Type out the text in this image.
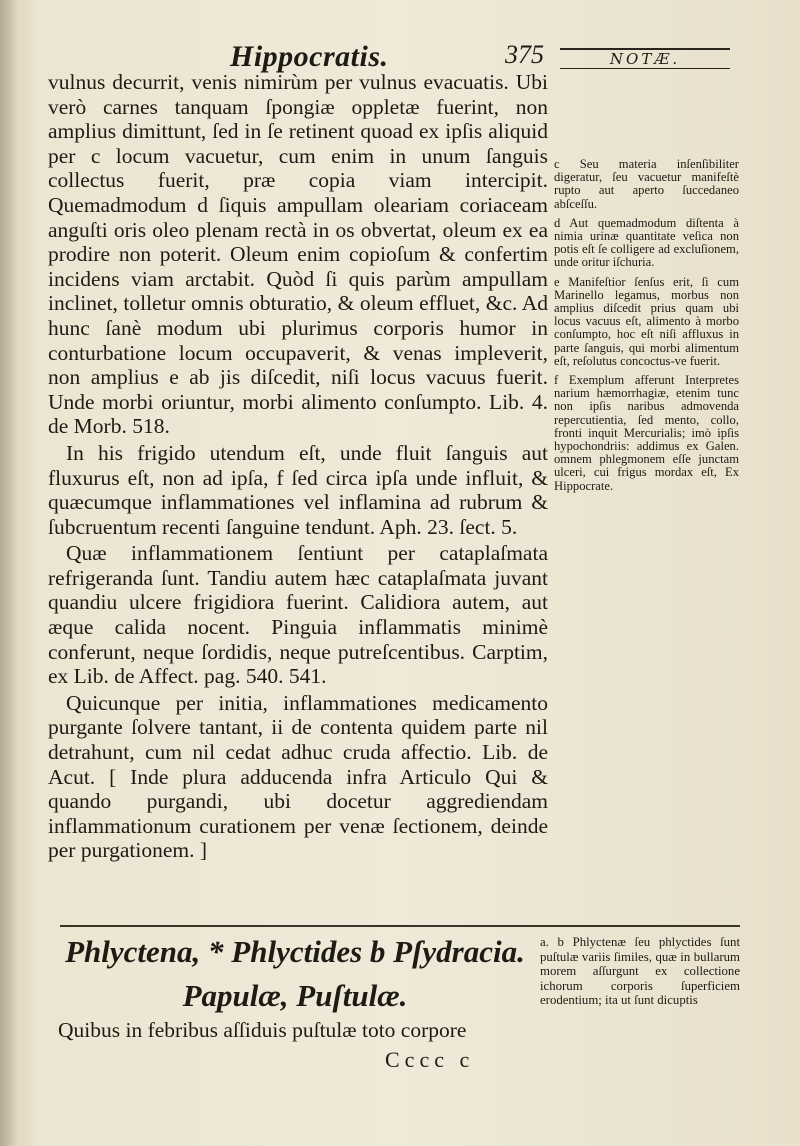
Hippocratis.	375	NOTÆ.

vulnus decurrit, venis nimirùm per vulnus evacuatis. Ubi verò carnes tanquam ſpongiæ oppletæ fuerint, non amplius dimittunt, ſed in ſe retinent quoad ex ipſis aliquid per c locum vacuetur, cum enim in unum ſanguis collectus fuerit, præ copia viam intercipit. Quemadmodum d ſiquis ampullam oleariam coriaceam anguſti oris oleo plenam rectà in os obvertat, oleum ex ea prodire non poterit. Oleum enim copioſum & confertim incidens viam arctabit. Quòd ſi quis parùm ampullam inclinet, tolletur omnis obturatio, & oleum effluet, &c. Ad hunc ſanè modum ubi plurimus corporis humor in conturbatione locum occupaverit, & venas impleverit, non amplius e ab jis diſcedit, niſi locus vacuus fuerit. Unde morbi oriuntur, morbi alimento conſumpto. Lib. 4. de Morb. 518.

In his frigido utendum eſt, unde fluit ſanguis aut fluxurus eſt, non ad ipſa, f ſed circa ipſa unde influit, & quæcumque inflammationes vel inflamina ad rubrum & ſubcruentum recenti ſanguine tendunt. Aph. 23. ſect. 5.

Quæ inflammationem ſentiunt per cataplaſmata refrigeranda ſunt. Tandiu autem hæc cataplaſmata juvant quandiu ulcere frigidiora fuerint. Calidiora autem, aut æque calida nocent. Pinguia inflammatis minimè conferunt, neque ſordidis, neque putreſcentibus. Carptim, ex Lib. de Affect. pag. 540. 541.

Quicunque per initia, inflammationes medicamento purgante ſolvere tantant, ii de contenta quidem parte nil detrahunt, cum nil cedat adhuc cruda affectio. Lib. de Acut. [ Inde plura adducenda infra Articulo Qui & quando purgandi, ubi docetur aggrediendam inflammationum curationem per venæ ſectionem, deinde per purgationem. ]

c Seu materia inſenſibiliter digeratur, ſeu vacuetur manifeſtè rupto aut aperto ſuccedaneo abſceſſu.

d Aut quemadmodum diſtenta à nimia urinæ quantitate veſica non potis eſt ſe colligere ad excluſionem, unde oritur iſchuria.

e Manifeſtior ſenſus erit, ſi cum Marinello legamus, morbus non amplius diſcedit prius quam ubi locus vacuus eſt, alimento à morbo conſumpto, hoc eſt niſi affluxus in parte ſanguis, qui morbi alimentum eſt, reſolutus concoctus-ve fuerit.

f Exemplum afferunt Interpretes narium hæmorrhagiæ, etenim tunc non ipſis naribus admovenda repercutientia, ſed mento, collo, fronti inquit Mercurialis; imò ipſis hypochondriis: addimus ex Galen. omnem phlegmonem eſſe junctam ulceri, cui frigus mordax eſt, Ex Hippocrate.

Phlyctena, * Phlyctides b Pſydracia.
Papulæ, Puſtulæ.
a. b Phlyctenæ ſeu phlyctides ſunt puſtulæ variis ſimiles, quæ in bullarum morem aſſurgunt ex collectione ichorum corporis ſuperficiem erodentium; ita ut ſunt dicuptis
Quibus in febribus aſſiduis puſtulæ toto corpore
Cccc c
